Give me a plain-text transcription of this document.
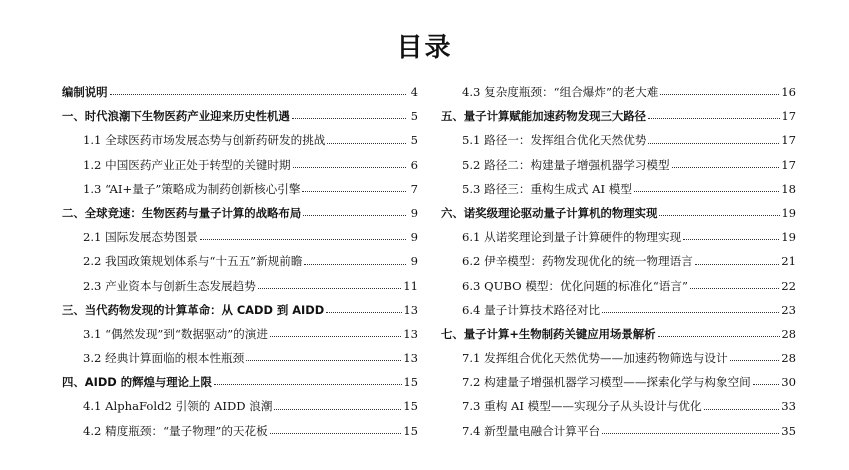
目录
编制说明	4
一、时代浪潮下生物医药产业迎来历史性机遇	5
1.1 全球医药市场发展态势与创新药研发的挑战	5
1.2 中国医药产业正处于转型的关键时期	6
1.3 “AI+量子”策略成为制药创新核心引擎	7
二、全球竞速：生物医药与量子计算的战略布局	9
2.1 国际发展态势图景	9
2.2 我国政策规划体系与“十五五”新规前瞻	9
2.3 产业资本与创新生态发展趋势	11
三、当代药物发现的计算革命：从 CADD 到 AIDD	13
3.1 “偶然发现”到“数据驱动”的演进	13
3.2 经典计算面临的根本性瓶颈	13
四、AIDD 的辉煌与理论上限	15
4.1 AlphaFold2 引领的 AIDD 浪潮	15
4.2 精度瓶颈：“量子物理”的天花板	15
4.3 复杂度瓶颈：“组合爆炸”的老大难	16
五、量子计算赋能加速药物发现三大路径	17
5.1 路径一：发挥组合优化天然优势	17
5.2 路径二：构建量子增强机器学习模型	17
5.3 路径三：重构生成式 AI 模型	18
六、诺奖级理论驱动量子计算机的物理实现	19
6.1 从诺奖理论到量子计算硬件的物理实现	19
6.2 伊辛模型：药物发现优化的统一物理语言	21
6.3 QUBO 模型：优化问题的标准化“语言”	22
6.4 量子计算技术路径对比	23
七、量子计算+生物制药关键应用场景解析	28
7.1 发挥组合优化天然优势——加速药物筛选与设计	28
7.2 构建量子增强机器学习模型——探索化学与构象空间	30
7.3 重构 AI 模型——实现分子从头设计与优化	33
7.4 新型量电融合计算平台	35
